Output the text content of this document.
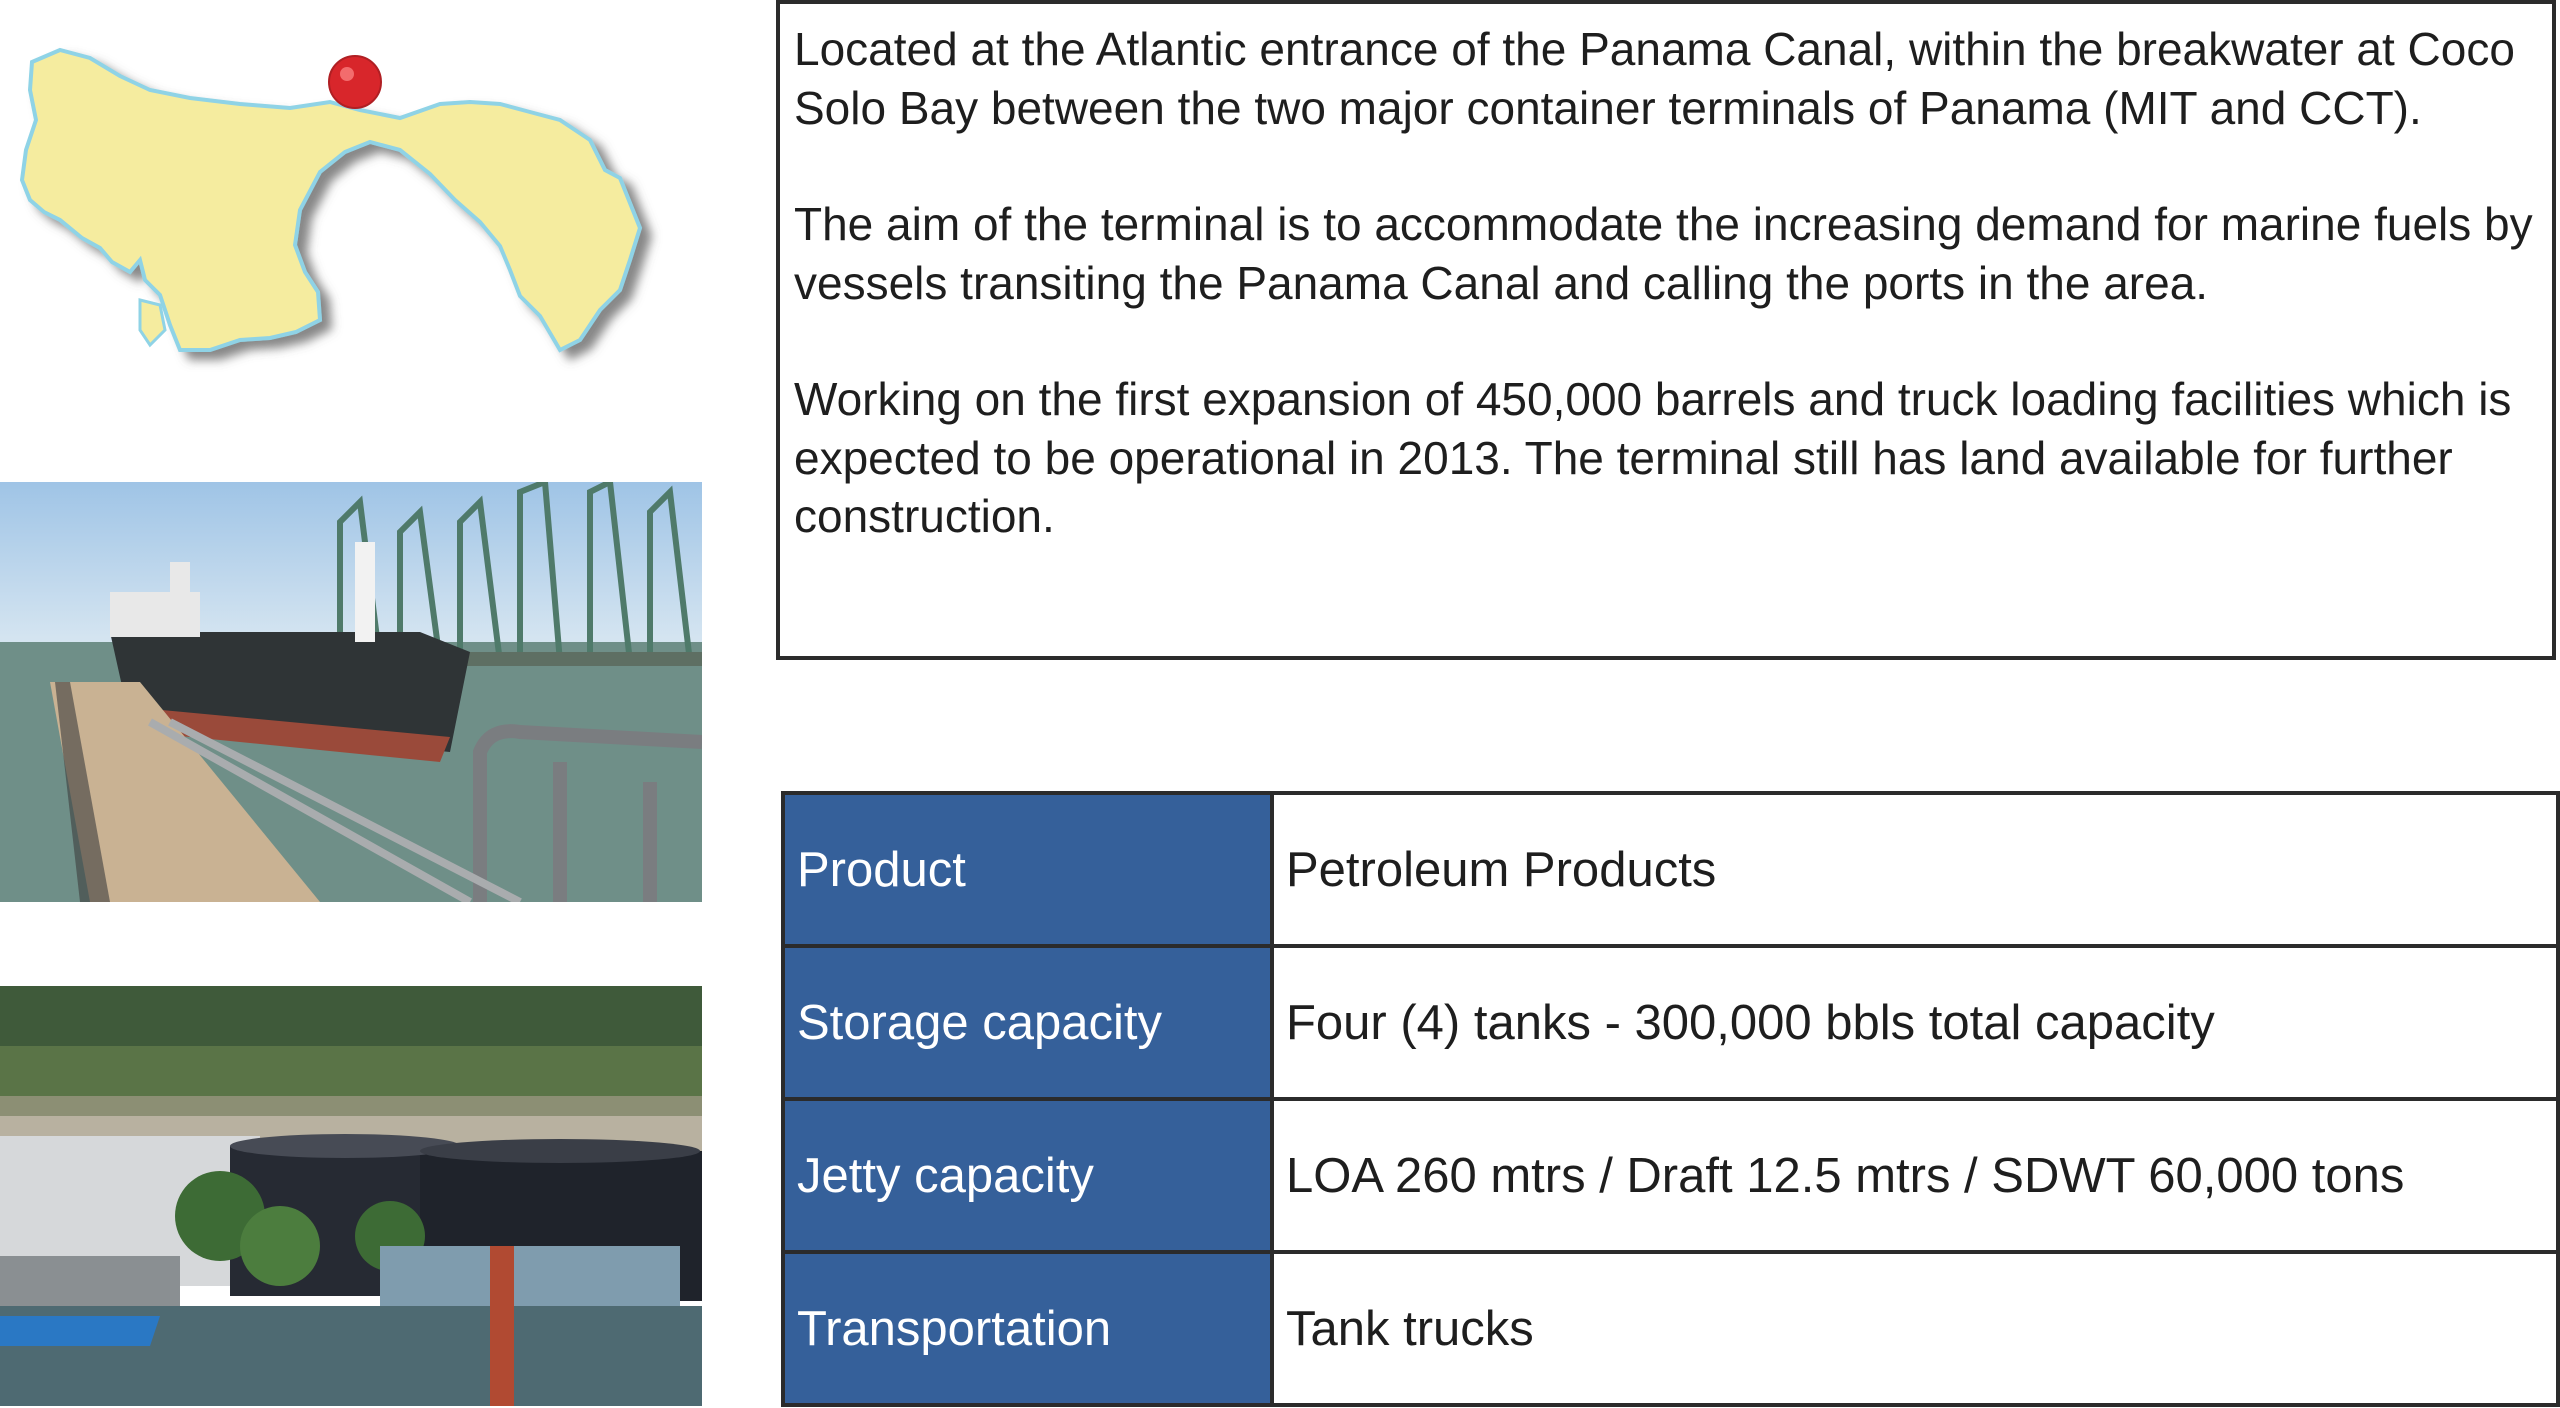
Located at the Atlantic entrance of the Panama Canal, within the breakwater at Coco Solo Bay between the two major container terminals of Panama (MIT and CCT).

The aim of the terminal is to accommodate the increasing demand for marine fuels by vessels transiting the Panama Canal and calling the ports in the area.

Working on the first expansion of 450,000 barrels and truck loading facilities which is expected to be operational in 2013. The terminal still has land available for further construction.

Product	Petroleum Products
Storage capacity	Four (4) tanks - 300,000 bbls total capacity
Jetty capacity	LOA 260 mtrs / Draft 12.5 mtrs / SDWT 60,000 tons
Transportation	Tank trucks
